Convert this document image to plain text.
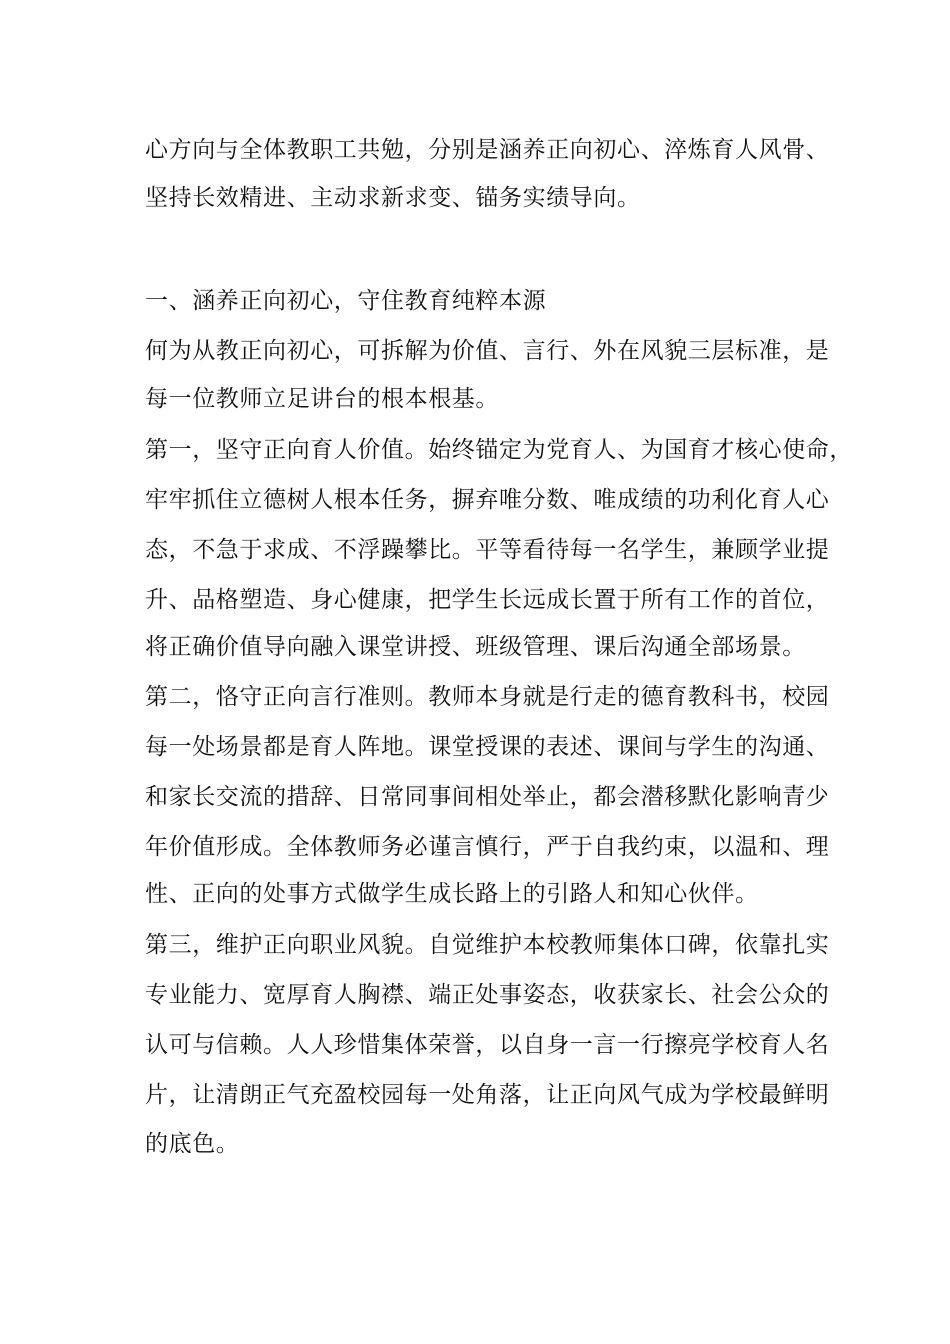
心方向与全体教职工共勉，分别是涵养正向初心、淬炼育人风骨、
坚持长效精进、主动求新求变、锚务实绩导向。
一、涵养正向初心，守住教育纯粹本源
何为从教正向初心，可拆解为价值、言行、外在风貌三层标准，是
每一位教师立足讲台的根本根基。
第一，坚守正向育人价值。始终锚定为党育人、为国育才核心使命，
牢牢抓住立德树人根本任务，摒弃唯分数、唯成绩的功利化育人心
态，不急于求成、不浮躁攀比。平等看待每一名学生，兼顾学业提
升、品格塑造、身心健康，把学生长远成长置于所有工作的首位，
将正确价值导向融入课堂讲授、班级管理、课后沟通全部场景。
第二，恪守正向言行准则。教师本身就是行走的德育教科书，校园
每一处场景都是育人阵地。课堂授课的表述、课间与学生的沟通、
和家长交流的措辞、日常同事间相处举止，都会潜移默化影响青少
年价值形成。全体教师务必谨言慎行，严于自我约束，以温和、理
性、正向的处事方式做学生成长路上的引路人和知心伙伴。
第三，维护正向职业风貌。自觉维护本校教师集体口碑，依靠扎实
专业能力、宽厚育人胸襟、端正处事姿态，收获家长、社会公众的
认可与信赖。人人珍惜集体荣誉，以自身一言一行擦亮学校育人名
片，让清朗正气充盈校园每一处角落，让正向风气成为学校最鲜明
的底色。
